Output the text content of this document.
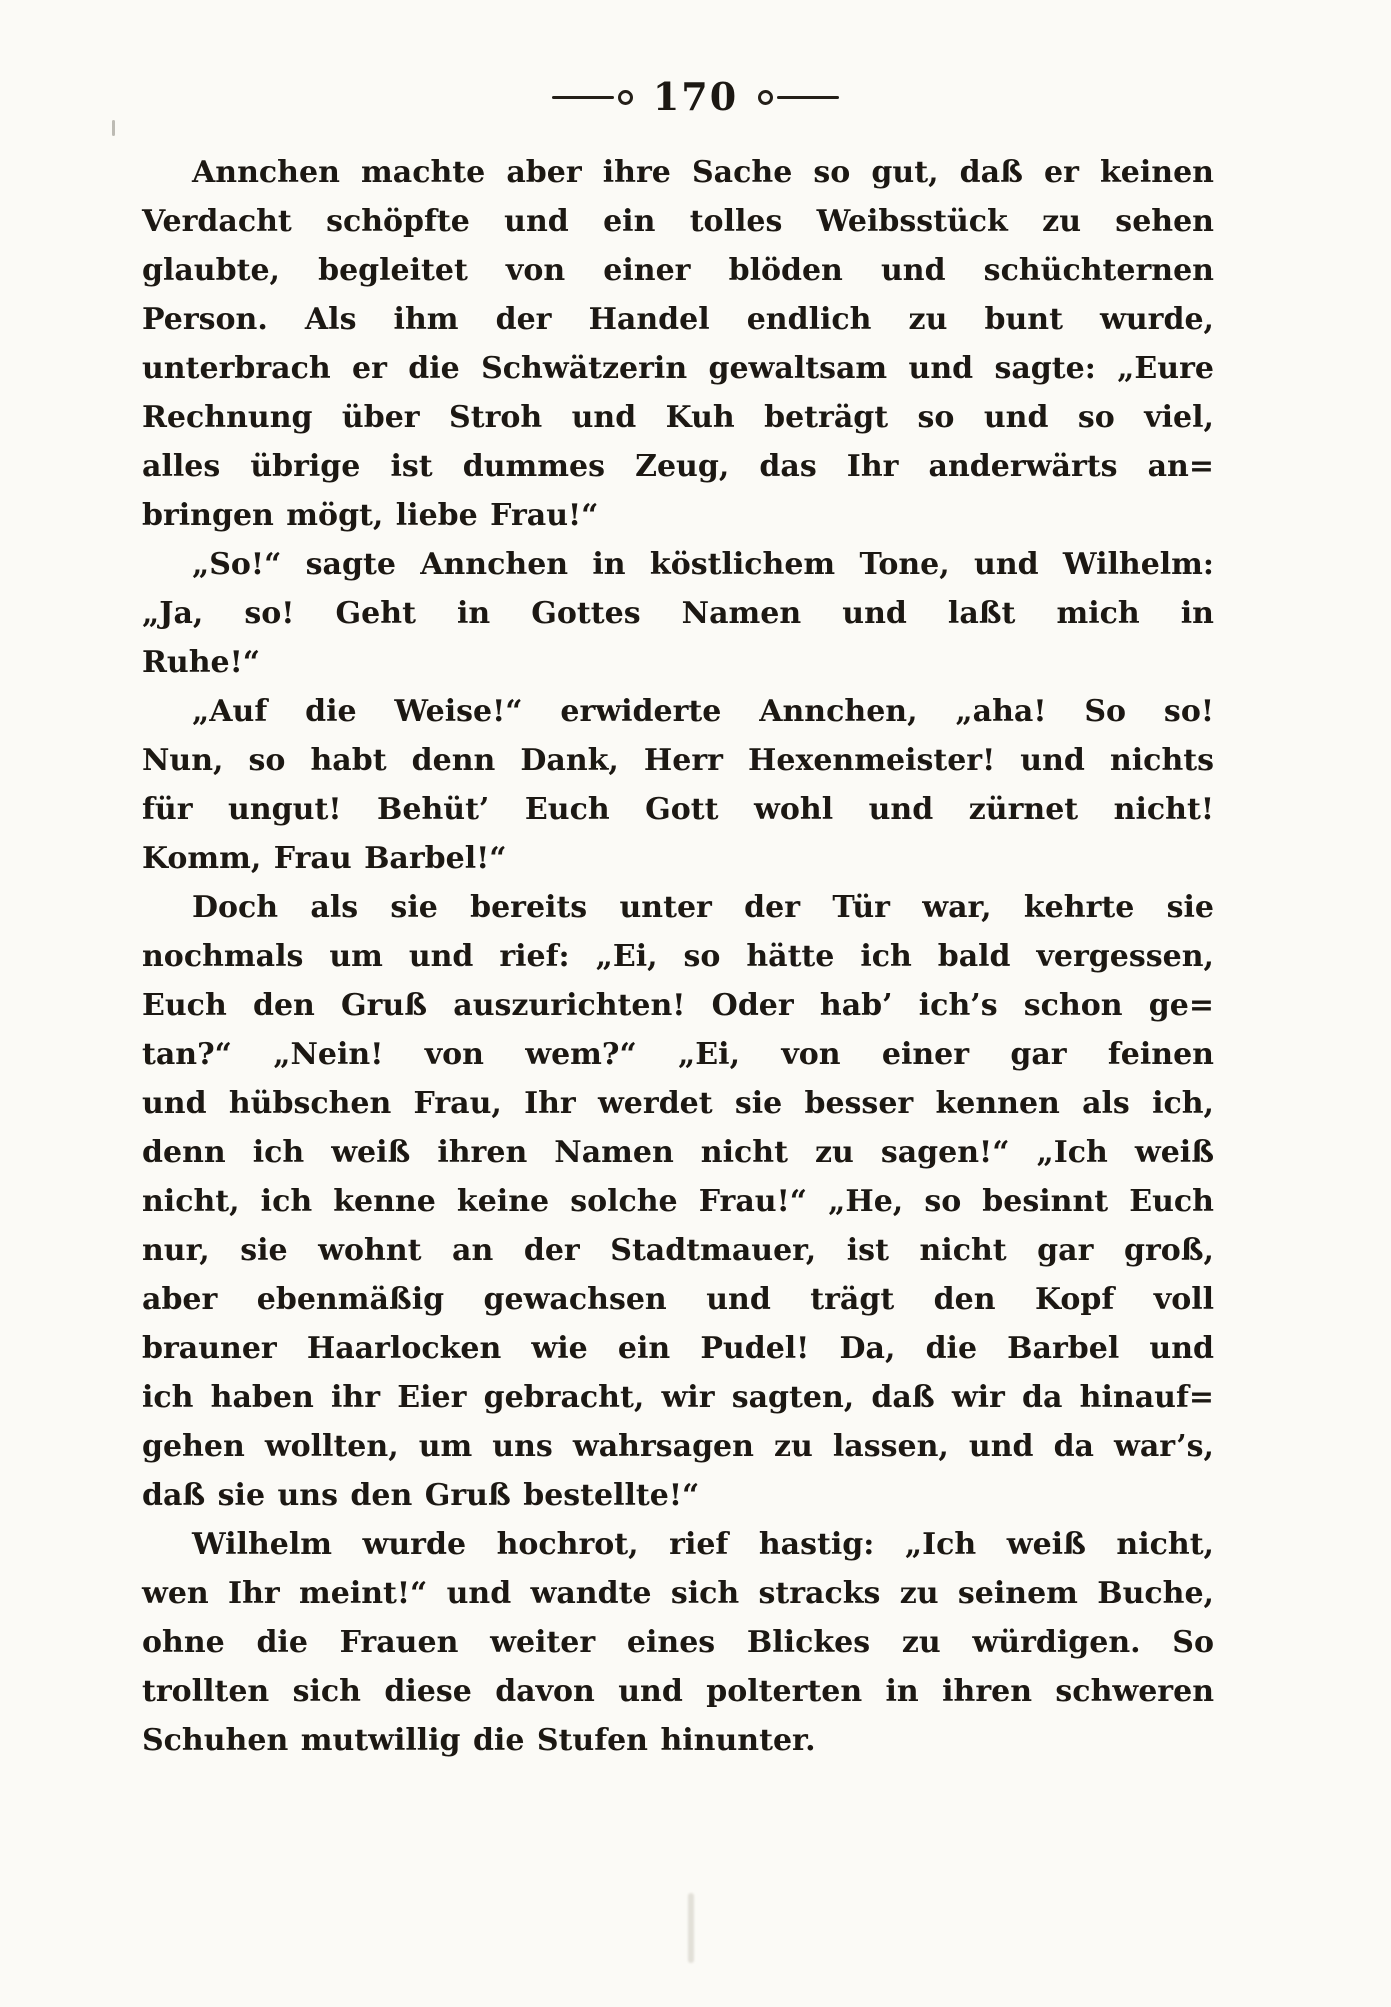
170
Annchen machte aber ihre Sache so gut, daß er keinen
Verdacht schöpfte und ein tolles Weibsstück zu sehen
glaubte, begleitet von einer blöden und schüchternen
Person. Als ihm der Handel endlich zu bunt wurde,
unterbrach er die Schwätzerin gewaltsam und sagte: „Eure
Rechnung über Stroh und Kuh beträgt so und so viel,
alles übrige ist dummes Zeug, das Ihr anderwärts an=
bringen mögt, liebe Frau!“
„So!“ sagte Annchen in köstlichem Tone, und Wilhelm:
„Ja, so! Geht in Gottes Namen und laßt mich in
Ruhe!“
„Auf die Weise!“ erwiderte Annchen, „aha! So so!
Nun, so habt denn Dank, Herr Hexenmeister! und nichts
für ungut! Behüt’ Euch Gott wohl und zürnet nicht!
Komm, Frau Barbel!“
Doch als sie bereits unter der Tür war, kehrte sie
nochmals um und rief: „Ei, so hätte ich bald vergessen,
Euch den Gruß auszurichten! Oder hab’ ich’s schon ge=
tan?“ „Nein! von wem?“ „Ei, von einer gar feinen
und hübschen Frau, Ihr werdet sie besser kennen als ich,
denn ich weiß ihren Namen nicht zu sagen!“ „Ich weiß
nicht, ich kenne keine solche Frau!“ „He, so besinnt Euch
nur, sie wohnt an der Stadtmauer, ist nicht gar groß,
aber ebenmäßig gewachsen und trägt den Kopf voll
brauner Haarlocken wie ein Pudel! Da, die Barbel und
ich haben ihr Eier gebracht, wir sagten, daß wir da hinauf=
gehen wollten, um uns wahrsagen zu lassen, und da war’s,
daß sie uns den Gruß bestellte!“
Wilhelm wurde hochrot, rief hastig: „Ich weiß nicht,
wen Ihr meint!“ und wandte sich stracks zu seinem Buche,
ohne die Frauen weiter eines Blickes zu würdigen. So
trollten sich diese davon und polterten in ihren schweren
Schuhen mutwillig die Stufen hinunter.
